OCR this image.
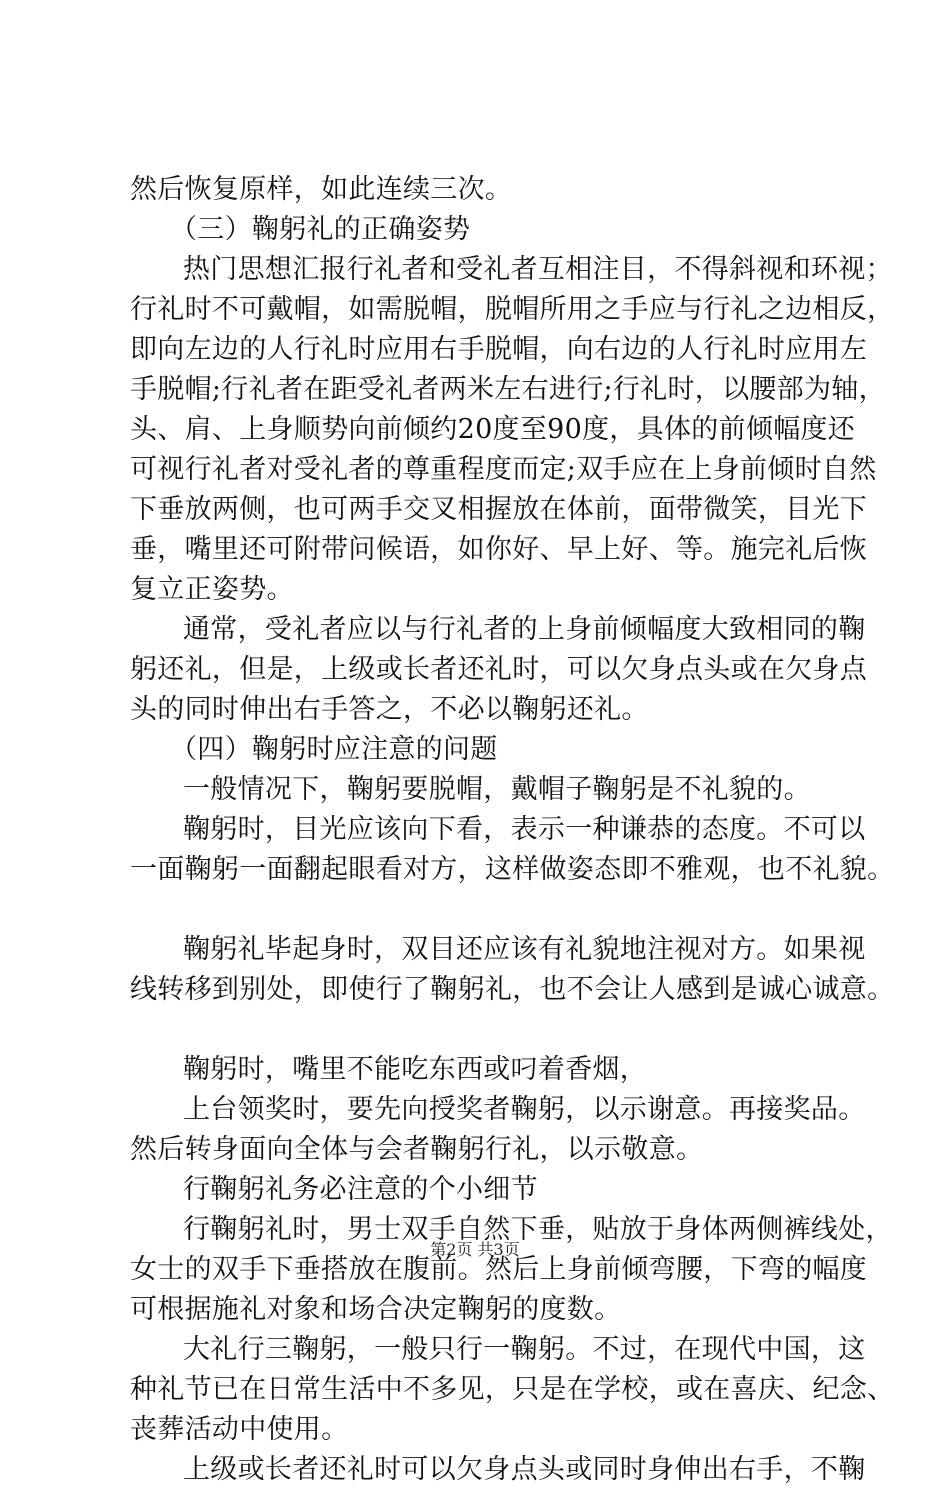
然后恢复原样，如此连续三次。
（三）鞠躬礼的正确姿势
热门思想汇报行礼者和受礼者互相注目，不得斜视和环视；
行礼时不可戴帽，如需脱帽，脱帽所用之手应与行礼之边相反，
即向左边的人行礼时应用右手脱帽，向右边的人行礼时应用左
手脱帽;行礼者在距受礼者两米左右进行;行礼时，以腰部为轴，
头、肩、上身顺势向前倾约20度至90度，具体的前倾幅度还
可视行礼者对受礼者的尊重程度而定;双手应在上身前倾时自然
下垂放两侧，也可两手交叉相握放在体前，面带微笑，目光下
垂，嘴里还可附带问候语，如你好、早上好、等。施完礼后恢
复立正姿势。
通常，受礼者应以与行礼者的上身前倾幅度大致相同的鞠
躬还礼，但是，上级或长者还礼时，可以欠身点头或在欠身点
头的同时伸出右手答之，不必以鞠躬还礼。
（四）鞠躬时应注意的问题
一般情况下，鞠躬要脱帽，戴帽子鞠躬是不礼貌的。
鞠躬时，目光应该向下看，表示一种谦恭的态度。不可以
一面鞠躬一面翻起眼看对方，这样做姿态即不雅观，也不礼貌。
鞠躬礼毕起身时，双目还应该有礼貌地注视对方。如果视
线转移到别处，即使行了鞠躬礼，也不会让人感到是诚心诚意。
鞠躬时，嘴里不能吃东西或叼着香烟，
上台领奖时，要先向授奖者鞠躬，以示谢意。再接奖品。
然后转身面向全体与会者鞠躬行礼，以示敬意。
行鞠躬礼务必注意的个小细节
行鞠躬礼时，男士双手自然下垂，贴放于身体两侧裤线处，
女士的双手下垂搭放在腹前。然后上身前倾弯腰，下弯的幅度
可根据施礼对象和场合决定鞠躬的度数。
大礼行三鞠躬，一般只行一鞠躬。不过，在现代中国，这
种礼节已在日常生活中不多见，只是在学校，或在喜庆、纪念、
丧葬活动中使用。
上级或长者还礼时可以欠身点头或同时身伸出右手，不鞠
第2页 共3页
